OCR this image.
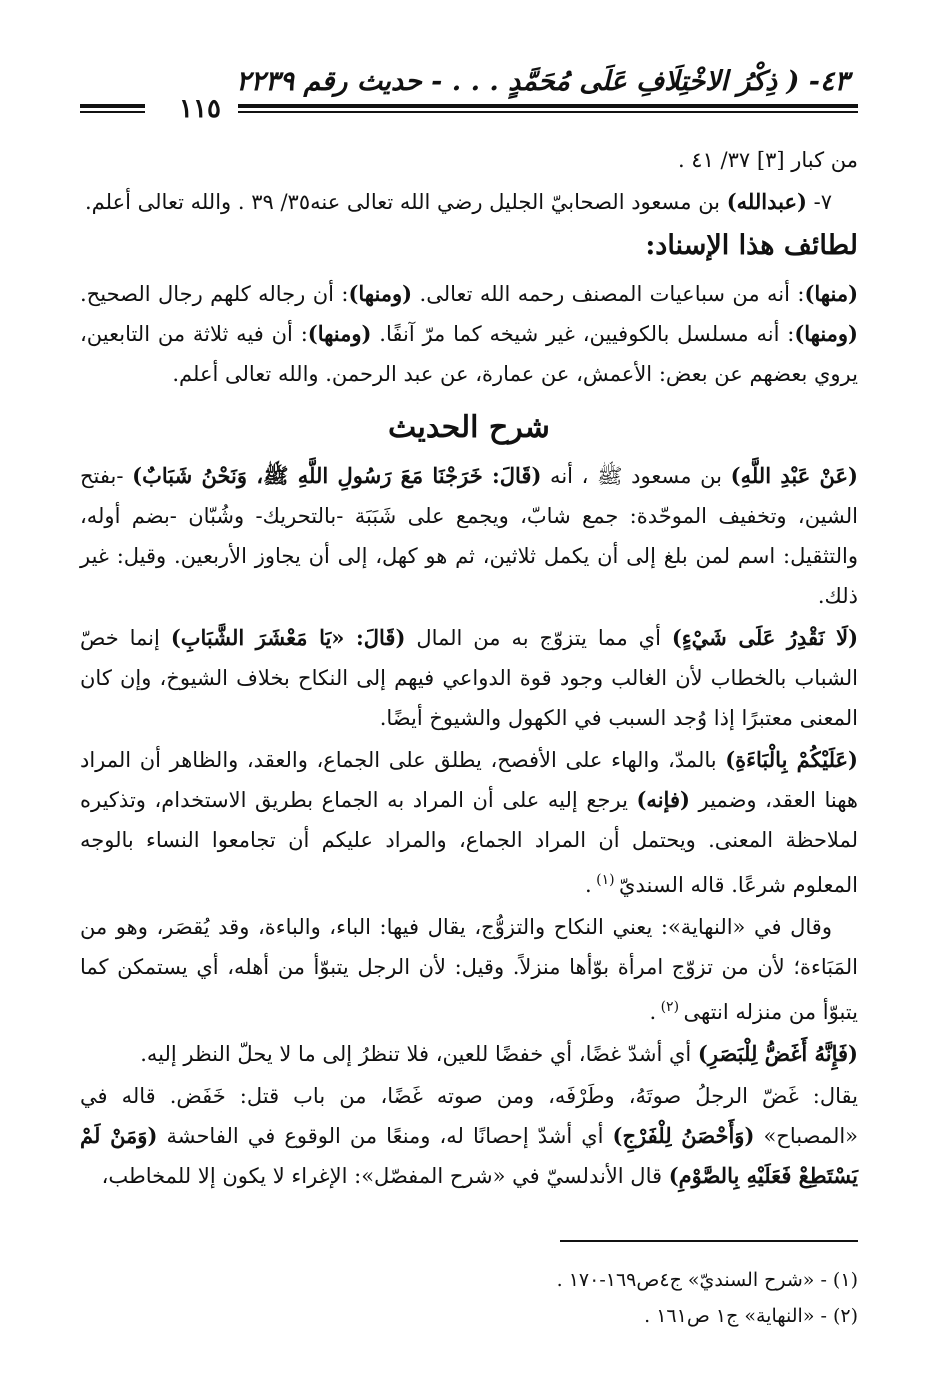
٤٣- ( ذِكْرُ الاخْتِلَافِ عَلَى مُحَمَّدٍ . . . - حديث رقم ٢٢٣٩
١١٥

من كبار [٣] ٣٧/ ٤١ .

٧- (عبدالله) بن مسعود الصحابيّ الجليل رضي الله تعالى عنه٣٥/ ٣٩ . والله تعالى أعلم.

لطائف هذا الإسناد:

(منها): أنه من سباعيات المصنف رحمه الله تعالى. (ومنها): أن رجاله كلهم رجال الصحيح. (ومنها): أنه مسلسل بالكوفيين، غير شيخه كما مرّ آنفًا. (ومنها): أن فيه ثلاثة من التابعين، يروي بعضهم عن بعض: الأعمش، عن عمارة، عن عبد الرحمن. والله تعالى أعلم.

شرح الحديث

(عَنْ عَبْدِ اللَّهِ) بن مسعود ﷺ ، أنه (قَالَ: خَرَجْنَا مَعَ رَسُولِ اللَّهِ ﷺ، وَنَحْنُ شَبَابٌ) -بفتح الشين، وتخفيف الموحّدة: جمع شابّ، ويجمع على شَبَبَة -بالتحريك- وشُبّان -بضم أوله، والتثقيل: اسم لمن بلغ إلى أن يكمل ثلاثين، ثم هو كهل، إلى أن يجاوز الأربعين. وقيل: غير ذلك.

(لَا نَقْدِرُ عَلَى شَيْءٍ) أي مما يتزوّج به من المال (قَالَ: «يَا مَعْشَرَ الشَّبَابِ) إنما خصّ الشباب بالخطاب لأن الغالب وجود قوة الدواعي فيهم إلى النكاح بخلاف الشيوخ، وإن كان المعنى معتبرًا إذا وُجد السبب في الكهول والشيوخ أيضًا.

(عَلَيْكُمْ بِالْبَاءَةِ) بالمدّ، والهاء على الأفصح، يطلق على الجماع، والعقد، والظاهر أن المراد ههنا العقد، وضمير (فإنه) يرجع إليه على أن المراد به الجماع بطريق الاستخدام، وتذكيره لملاحظة المعنى. ويحتمل أن المراد الجماع، والمراد عليكم أن تجامعوا النساء بالوجه المعلوم شرعًا. قاله السنديّ $^{(١)}$ .

وقال في «النهاية»: يعني النكاح والتزوُّج، يقال فيها: الباء، والباءة، وقد يُقصَر، وهو من المَبَاءة؛ لأن من تزوّج امرأة بوّأها منزلاً. وقيل: لأن الرجل يتبوّأ من أهله، أي يستمكن كما يتبوّأ من منزله انتهى $^{(٢)}$ .

(فَإِنَّهُ أَغَضُّ لِلْبَصَرِ) أي أشدّ غضًا، أي خفضًا للعين، فلا تنظرُ إلى ما لا يحلّ النظر إليه.

يقال: غَضّ الرجلُ صوتَهُ، وطَرْفَه، ومن صوته غَضًا، من باب قتل: خَفَض. قاله في «المصباح» (وَأَحْصَنُ لِلْفَرْجِ) أي أشدّ إحصانًا له، ومنعًا من الوقوع في الفاحشة (وَمَنْ لَمْ يَسْتَطِعْ فَعَلَيْهِ بِالصَّوْمِ) قال الأندلسيّ في «شرح المفصّل»: الإغراء لا يكون إلا للمخاطب،

(١) - «شرح السنديّ» ج٤ص١٦٩-١٧٠ .

(٢) - «النهاية» ج١ ص١٦١ .
